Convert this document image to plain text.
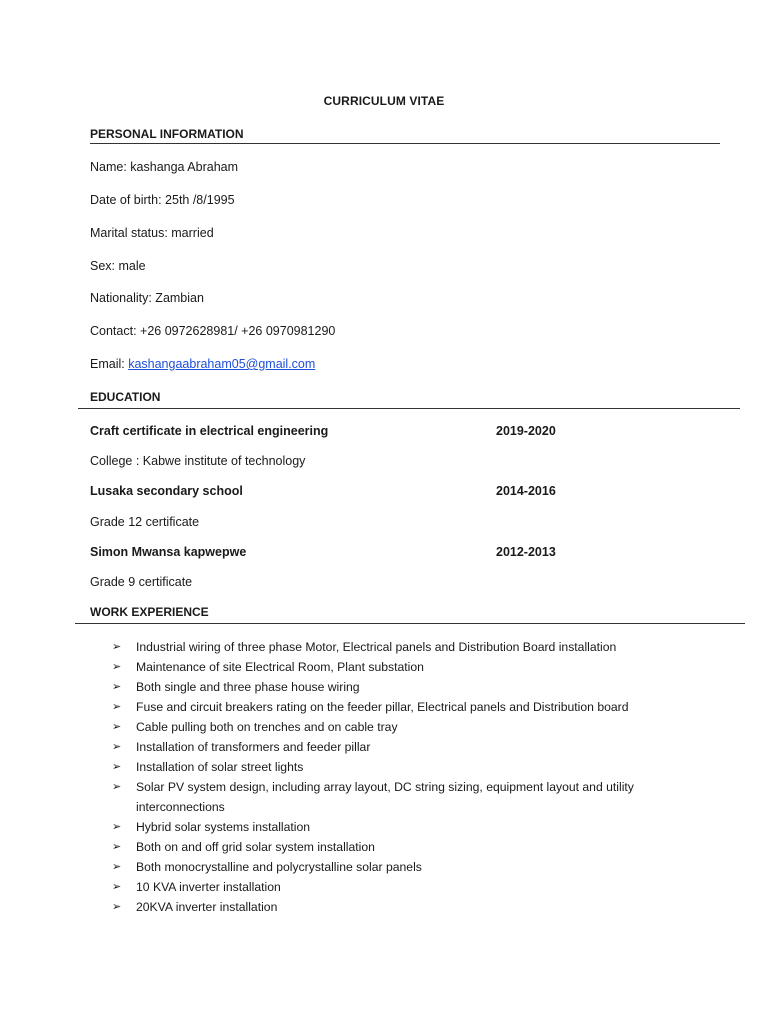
CURRICULUM VITAE
PERSONAL INFORMATION
Name: kashanga Abraham
Date of birth: 25th /8/1995
Marital status: married
Sex: male
Nationality: Zambian
Contact: +26 0972628981/ +26 0970981290
Email: kashangaabraham05@gmail.com
EDUCATION
Craft certificate in electrical engineering	2019-2020
College : Kabwe institute of technology
Lusaka secondary school	2014-2016
Grade 12 certificate
Simon Mwansa kapwepwe	2012-2013
Grade 9 certificate
WORK EXPERIENCE
➢ Industrial wiring of three phase Motor, Electrical panels and Distribution Board installation
➢ Maintenance of site Electrical Room, Plant substation
➢ Both single and three phase house wiring
➢ Fuse and circuit breakers rating on the feeder pillar, Electrical panels and Distribution board
➢ Cable pulling both on trenches and on cable tray
➢ Installation of transformers and feeder pillar
➢ Installation of solar street lights
➢ Solar PV system design, including array layout, DC string sizing, equipment layout and utility interconnections
➢ Hybrid solar systems installation
➢ Both on and off grid solar system installation
➢ Both monocrystalline and polycrystalline solar panels
➢ 10 KVA inverter installation
➢ 20KVA inverter installation
